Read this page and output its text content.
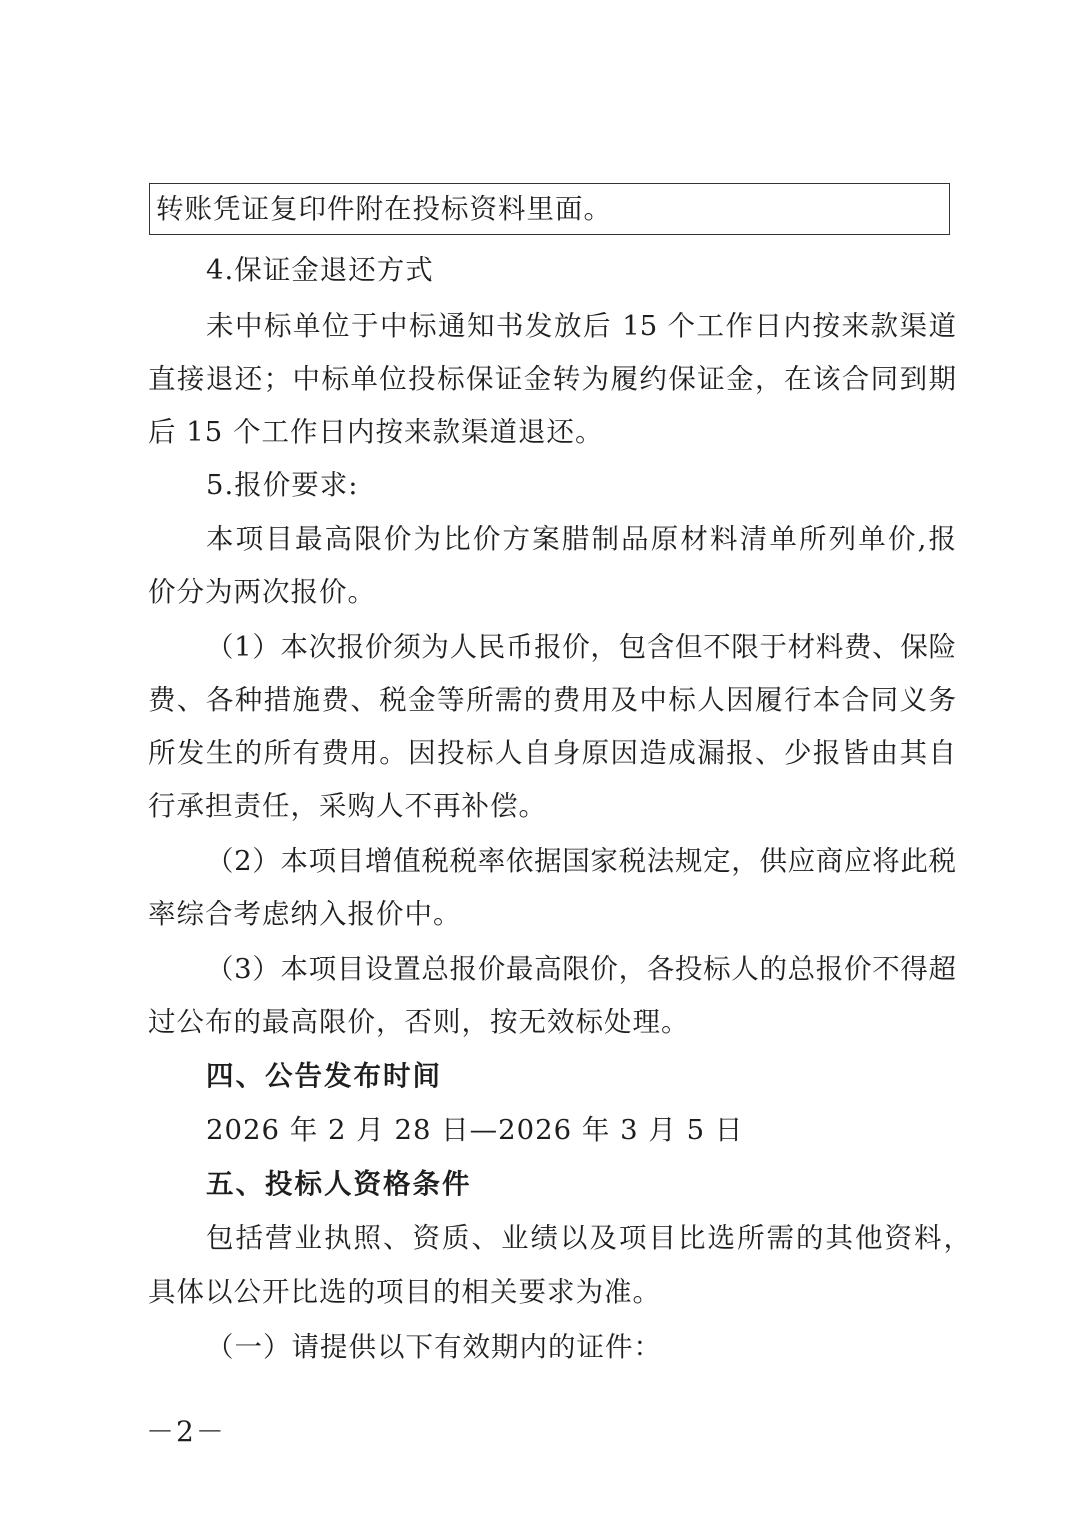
转账凭证复印件附在投标资料里面。
4.保证金退还方式
未中标单位于中标通知书发放后 15 个工作日内按来款渠道
直接退还；中标单位投标保证金转为履约保证金，在该合同到期
后 15 个工作日内按来款渠道退还。
5.报价要求:
本项目最高限价为比价方案腊制品原材料清单所列单价,报
价分为两次报价。
（1）本次报价须为人民币报价，包含但不限于材料费、保险
费、各种措施费、税金等所需的费用及中标人因履行本合同义务
所发生的所有费用。因投标人自身原因造成漏报、少报皆由其自
行承担责任，采购人不再补偿。
（2）本项目增值税税率依据国家税法规定，供应商应将此税
率综合考虑纳入报价中。
（3）本项目设置总报价最高限价，各投标人的总报价不得超
过公布的最高限价，否则，按无效标处理。
四、公告发布时间
2026 年 2 月 28 日—2026 年 3 月 5 日
五、投标人资格条件
包括营业执照、资质、业绩以及项目比选所需的其他资料，
具体以公开比选的项目的相关要求为准。
（一）请提供以下有效期内的证件：
－2－
